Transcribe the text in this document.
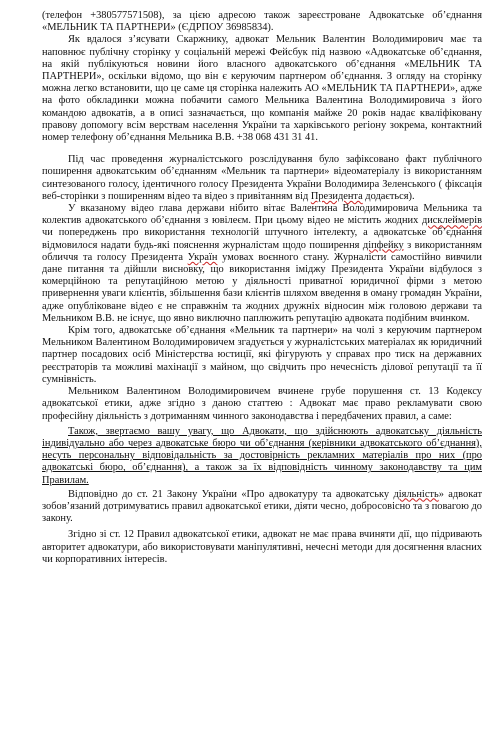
(телефон +380577571508), за цією адресою також зареєстроване Адвокатське об’єднання «МЕЛЬНИК ТА ПАРТНЕРИ» (ЄДРПОУ 36985834).

Як вдалося з’ясувати Скаржнику, адвокат Мельник Валентин Володимирович має та наповнює публічну сторінку у соціальній мережі Фейсбук під назвою «Адвокатське об’єднання, на якій публікуються новини його власного адвокатського об’єднання «МЕЛЬНИК ТА ПАРТНЕРИ», оскільки відомо, що він є керуючим партнером об’єднання. З огляду на сторінку можна легко встановити, що це саме ця сторінка належить АО «МЕЛЬНИК ТА ПАРТНЕРИ», адже на фото обкладинки можна побачити самого Мельника Валентина Володимировича з його командою адвокатів, а в описі зазначається, що компанія майже 20 років надає кваліфіковану правову допомогу всім верствам населення України та харківського регіону зокрема, контактний номер телефону об’єднання Мельника В.В. +38 068 431 31 41.

Під час проведення журналістського розслідування було зафіксовано факт публічного поширення адвокатським об’єднанням «Мельник та партнери» відеоматеріалу із використанням синтезованого голосу, ідентичного голосу Президента України Володимира Зеленського ( фіксація веб-сторінки з поширенням відео та відео з привітанням від Президента додається).

У вказаному відео глава держави нібито вітає Валентина Володимировича Мельника та колектив адвокатського об’єднання з ювілеєм. При цьому відео не містить жодних дисклеймерів чи попереджень про використання технологій штучного інтелекту, а адвокатське об’єднання відмовилося надати будь-які пояснення журналістам щодо поширення діпфейку з використанням обличчя та голосу Президента Україн умовах воєнного стану. Журналісти самостійно вивчили дане питання та дійшли висновку, що використання іміджу Президента України відбулося з комерційною та репутаційною метою у діяльності приватної юридичної фірми з метою привернення уваги клієнтів, збільшення бази клієнтів шляхом введення в оману громадян України, адже опубліковане відео є не справжнім та жодних дружніх відносин між головою держави та Мельником В.В. не існує, що явно виключно паплюжить репутацію адвоката подібним вчинком.

Крім того, адвокатське об’єднання «Мельник та партнери» на чолі з керуючим партнером Мельником Валентином Володимировичем згадується у журналістських матеріалах як юридичний партнер посадових осіб Міністерства юстиції, які фігурують у справах про тиск на державних реєстраторів та можливі махінації з майном, що свідчить про нечесність ділової репутації та її сумнівність.

Мельником Валентином Володимировичем вчинене грубе порушення ст. 13 Кодексу адвокатської етики, адже згідно з даною статтею : Адвокат має право рекламувати свою професійну діяльність з дотриманням чинного законодавства і передбачених правил, а саме:

Також, звертаємо вашу увагу, що Адвокати, що здійснюють адвокатську діяльність індивідуально або через адвокатське бюро чи об’єднання (керівники адвокатського об’єднання), несуть персональну відповідальність за достовірність рекламних матеріалів про них (про адвокатські бюро, об’єднання), а також за їх відповідність чинному законодавству та цим Правилам.

Відповідно до ст. 21 Закону України «Про адвокатуру та адвокатську діяльність» адвокат зобов’язаний дотримуватись правил адвокатської етики, діяти чесно, добросовісно та з повагою до закону.

Згідно зі ст. 12 Правил адвокатської етики, адвокат не має права вчиняти дії, що підривають авторитет адвокатури, або використовувати маніпулятивні, нечесні методи для досягнення власних чи корпоративних інтересів.
